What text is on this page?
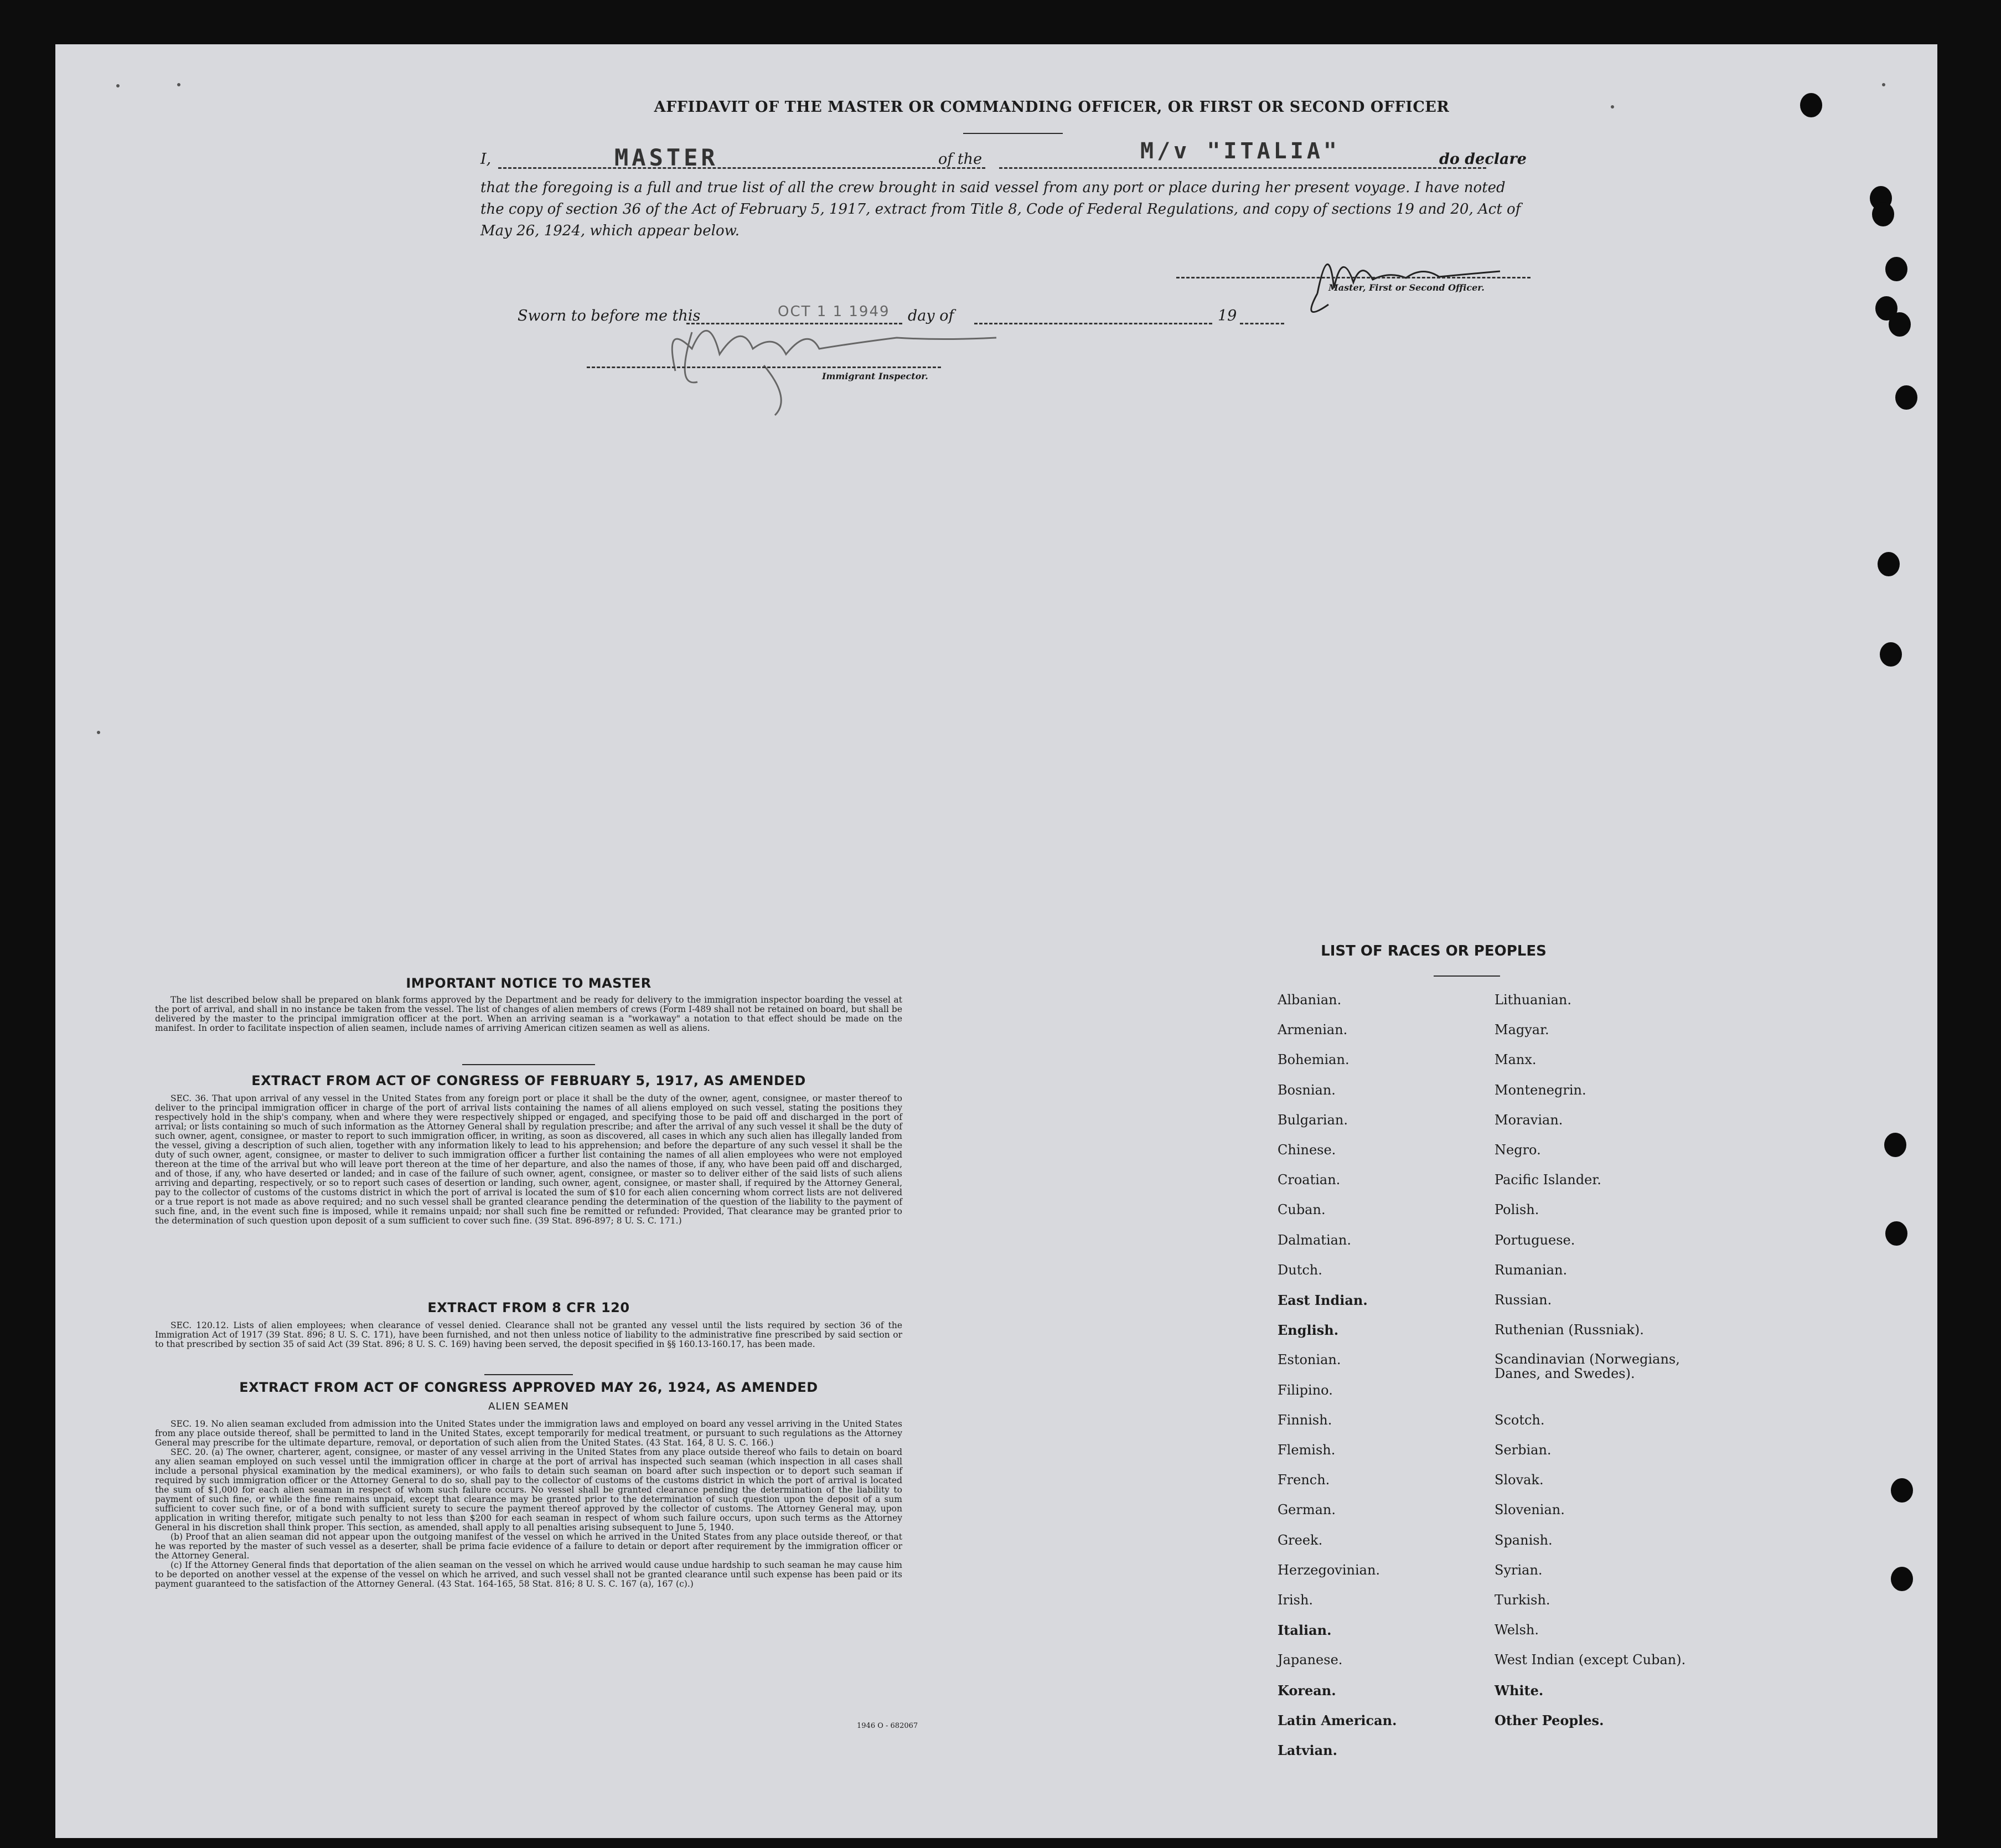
AFFIDAVIT OF THE MASTER OR COMMANDING OFFICER, OR FIRST OR SECOND OFFICER
I,	MASTER	of the	M/v "ITALIA"	do declare
that the foregoing is a full and true list of all the crew brought in said vessel from any port or place during her present voyage. I have noted the copy of section 36 of the Act of February 5, 1917, extract from Title 8, Code of Federal Regulations, and copy of sections 19 and 20, Act of May 26, 1924, which appear below.
Master, First or Second Officer.
Sworn to before me this	OCT 1 1 1949 day of	19
Immigrant Inspector.
IMPORTANT NOTICE TO MASTER

The list described below shall be prepared on blank forms approved by the Department and be ready for delivery to the immigration inspector boarding the vessel at the port of arrival, and shall in no instance be taken from the vessel. The list of changes of alien members of crews (Form I-489 shall not be retained on board, but shall be delivered by the master to the principal immigration officer at the port. When an arriving seaman is a "workaway" a notation to that effect should be made on the manifest. In order to facilitate inspection of alien seamen, include names of arriving American citizen seamen as well as aliens.

EXTRACT FROM ACT OF CONGRESS OF FEBRUARY 5, 1917, AS AMENDED

SEC. 36. That upon arrival of any vessel in the United States from any foreign port or place it shall be the duty of the owner, agent, consignee, or master thereof to deliver to the principal immigration officer in charge of the port of arrival lists containing the names of all aliens employed on such vessel, stating the positions they respectively hold in the ship's company, when and where they were respectively shipped or engaged, and specifying those to be paid off and discharged in the port of arrival; or lists containing so much of such information as the Attorney General shall by regulation prescribe; and after the arrival of any such vessel it shall be the duty of such owner, agent, consignee, or master to report to such immigration officer, in writing, as soon as discovered, all cases in which any such alien has illegally landed from the vessel, giving a description of such alien, together with any information likely to lead to his apprehension; and before the departure of any such vessel it shall be the duty of such owner, agent, consignee, or master to deliver to such immigration officer a further list containing the names of all alien employees who were not employed thereon at the time of the arrival but who will leave port thereon at the time of her departure, and also the names of those, if any, who have been paid off and discharged, and of those, if any, who have deserted or landed; and in case of the failure of such owner, agent, consignee, or master so to deliver either of the said lists of such aliens arriving and departing, respectively, or so to report such cases of desertion or landing, such owner, agent, consignee, or master shall, if required by the Attorney General, pay to the collector of customs of the customs district in which the port of arrival is located the sum of $10 for each alien concerning whom correct lists are not delivered or a true report is not made as above required; and no such vessel shall be granted clearance pending the determination of the question of the liability to the payment of such fine, and, in the event such fine is imposed, while it remains unpaid; nor shall such fine be remitted or refunded: Provided, That clearance may be granted prior to the determination of such question upon deposit of a sum sufficient to cover such fine. (39 Stat. 896-897; 8 U. S. C. 171.)

EXTRACT FROM 8 CFR 120

SEC. 120.12. Lists of alien employees; when clearance of vessel denied. Clearance shall not be granted any vessel until the lists required by section 36 of the Immigration Act of 1917 (39 Stat. 896; 8 U. S. C. 171), have been furnished, and not then unless notice of liability to the administrative fine prescribed by said section or to that prescribed by section 35 of said Act (39 Stat. 896; 8 U. S. C. 169) having been served, the deposit specified in §§ 160.13-160.17, has been made.

EXTRACT FROM ACT OF CONGRESS APPROVED MAY 26, 1924, AS AMENDED
ALIEN SEAMEN

SEC. 19. No alien seaman excluded from admission into the United States under the immigration laws and employed on board any vessel arriving in the United States from any place outside thereof, shall be permitted to land in the United States, except temporarily for medical treatment, or pursuant to such regulations as the Attorney General may prescribe for the ultimate departure, removal, or deportation of such alien from the United States. (43 Stat. 164, 8 U. S. C. 166.)

SEC. 20. (a) The owner, charterer, agent, consignee, or master of any vessel arriving in the United States from any place outside thereof who fails to detain on board any alien seaman employed on such vessel until the immigration officer in charge at the port of arrival has inspected such seaman (which inspection in all cases shall include a personal physical examination by the medical examiners), or who fails to detain such seaman on board after such inspection or to deport such seaman if required by such immigration officer or the Attorney General to do so, shall pay to the collector of customs of the customs district in which the port of arrival is located the sum of $1,000 for each alien seaman in respect of whom such failure occurs. No vessel shall be granted clearance pending the determination of the liability to payment of such fine, or while the fine remains unpaid, except that clearance may be granted prior to the determination of such question upon the deposit of a sum sufficient to cover such fine, or of a bond with sufficient surety to secure the payment thereof approved by the collector of customs. The Attorney General may, upon application in writing therefor, mitigate such penalty to not less than $200 for each seaman in respect of whom such failure occurs, upon such terms as the Attorney General in his discretion shall think proper. This section, as amended, shall apply to all penalties arising subsequent to June 5, 1940.

(b) Proof that an alien seaman did not appear upon the outgoing manifest of the vessel on which he arrived in the United States from any place outside thereof, or that he was reported by the master of such vessel as a deserter, shall be prima facie evidence of a failure to detain or deport after requirement by the immigration officer or the Attorney General.

(c) If the Attorney General finds that deportation of the alien seaman on the vessel on which he arrived would cause undue hardship to such seaman he may cause him to be deported on another vessel at the expense of the vessel on which he arrived, and such vessel shall not be granted clearance until such expense has been paid or its payment guaranteed to the satisfaction of the Attorney General. (43 Stat. 164-165, 58 Stat. 816; 8 U. S. C. 167 (a), 167 (c).)

1946 O - 682067
LIST OF RACES OR PEOPLES
Albanian.
Armenian.
Bohemian.
Bosnian.
Bulgarian.
Chinese.
Croatian.
Cuban.
Dalmatian.
Dutch.
East Indian.
English.
Estonian.
Filipino.
Finnish.
Flemish.
French.
German.
Greek.
Herzegovinian.
Irish.
Italian.
Japanese.
Korean.
Latin American.
Latvian.
Lithuanian.
Magyar.
Manx.
Montenegrin.
Moravian.
Negro.
Pacific Islander.
Polish.
Portuguese.
Rumanian.
Russian.
Ruthenian (Russniak).
Scandinavian (Norwegians, Danes, and Swedes).
Scotch.
Serbian.
Slovak.
Slovenian.
Spanish.
Syrian.
Turkish.
Welsh.
West Indian (except Cuban).
White.
Other Peoples.
